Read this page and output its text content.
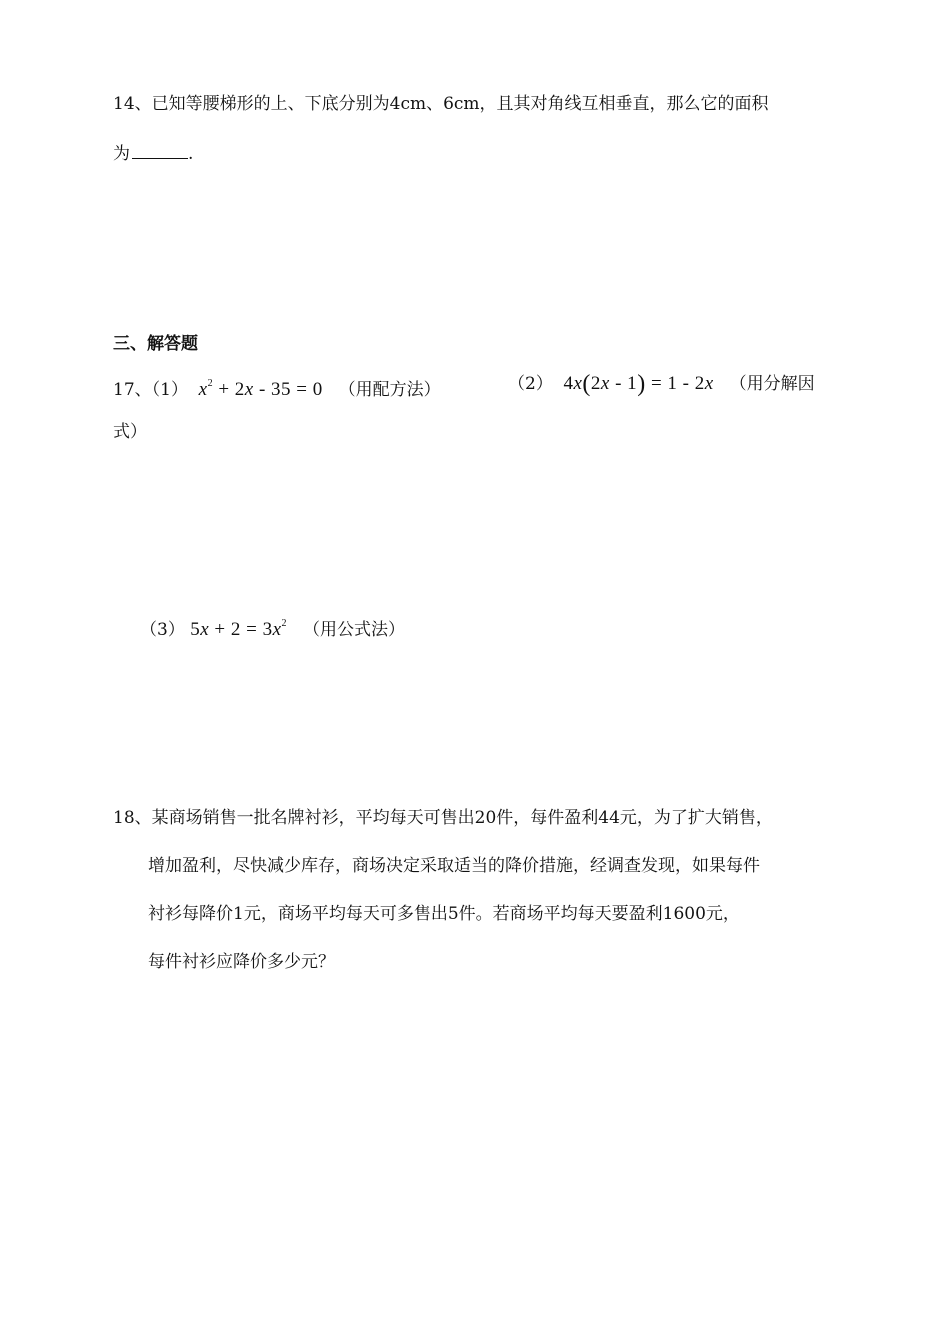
14、已知等腰梯形的上、下底分别为4cm、6cm，且其对角线互相垂直，那么它的面积
为	.
三、解答题
17、（1） $x^2 + 2x - 35 = 0$   （用配方法）	（2）  4x(2x - 1) = 1 - 2x （用分解因
式）
（3） $5x + 2 = 3x^2$ （用公式法）
18、某商场销售一批名牌衬衫，平均每天可售出20件，每件盈利44元，为了扩大销售，
增加盈利，尽快减少库存，商场决定采取适当的降价措施，经调查发现，如果每件
衬衫每降价1元，商场平均每天可多售出5件。若商场平均每天要盈利1600元，
每件衬衫应降价多少元？
